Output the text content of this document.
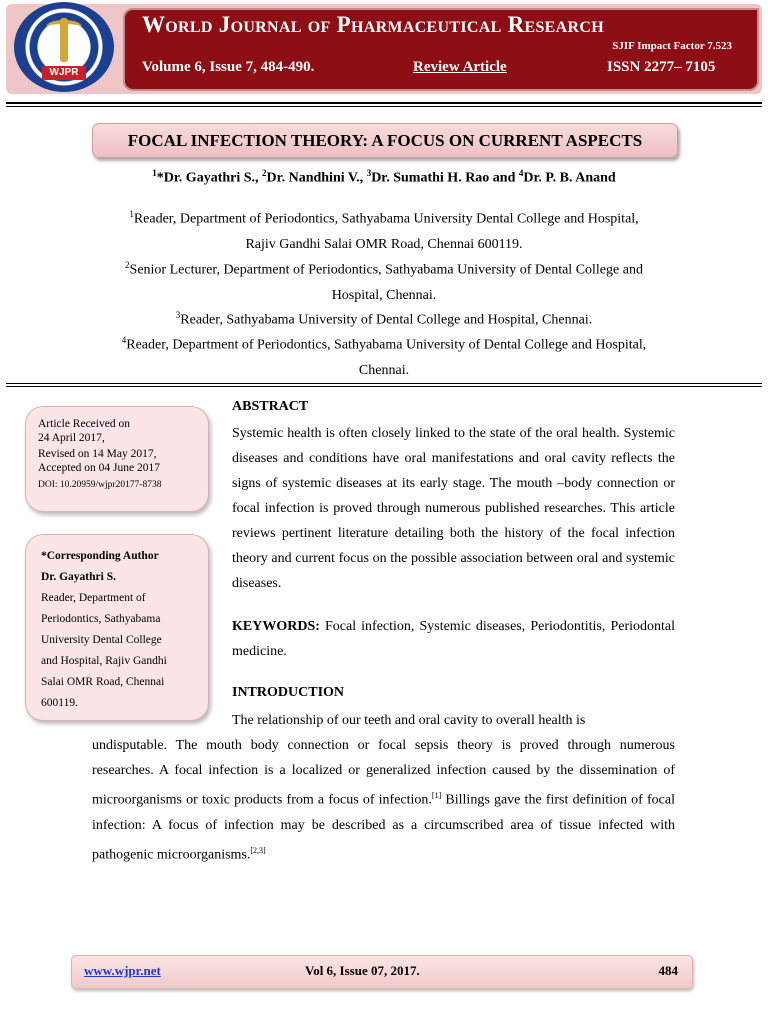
WJPR
World Journal of Pharmaceutical Research
SJIF Impact Factor 7.523
Volume 6, Issue 7, 484-490.	Review Article	ISSN 2277– 7105
FOCAL INFECTION THEORY: A FOCUS ON CURRENT ASPECTS
$^1$*Dr. Gayathri S., $^2$Dr. Nandhini V., $^3$Dr. Sumathi H. Rao and $^4$Dr. P. B. Anand
$^1$Reader, Department of Periodontics, Sathyabama University Dental College and Hospital,
Rajiv Gandhi Salai OMR Road, Chennai 600119.
$^2$Senior Lecturer, Department of Periodontics, Sathyabama University of Dental College and
Hospital, Chennai.
$^3$Reader, Sathyabama University of Dental College and Hospital, Chennai.
$^4$Reader, Department of Periodontics, Sathyabama University of Dental College and Hospital,
Chennai.
Article Received on
24 April 2017,
Revised on 14 May 2017,
Accepted on 04 June 2017
DOI: 10.20959/wjpr20177-8738
*Corresponding Author
Dr. Gayathri S.
Reader, Department of
Periodontics, Sathyabama
University Dental College
and Hospital, Rajiv Gandhi
Salai OMR Road, Chennai
600119.
ABSTRACT
Systemic health is often closely linked to the state of the oral health. Systemic diseases and conditions have oral manifestations and oral cavity reflects the signs of systemic diseases at its early stage. The mouth –body connection or focal infection is proved through numerous published researches. This article reviews pertinent literature detailing both the history of the focal infection theory and current focus on the possible association between oral and systemic diseases.
KEYWORDS: Focal infection, Systemic diseases, Periodontitis, Periodontal medicine.
INTRODUCTION
The relationship of our teeth and oral cavity to overall health is
undisputable. The mouth body connection or focal sepsis theory is proved through numerous researches. A focal infection is a localized or generalized infection caused by the dissemination of microorganisms or toxic products from a focus of infection.[1] Billings gave the first definition of focal infection: A focus of infection may be described as a circumscribed area of tissue infected with pathogenic microorganisms.[2,3]
www.wjpr.net	Vol 6, Issue 07, 2017.	484
